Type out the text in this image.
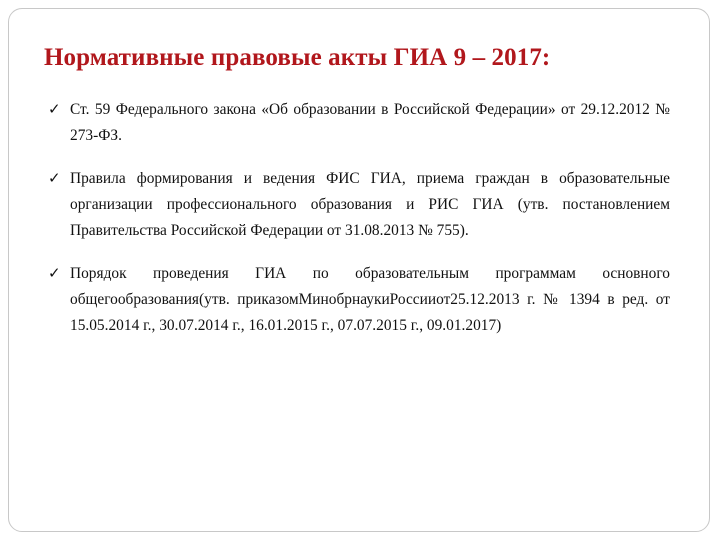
Нормативные правовые акты ГИА 9 – 2017:
✓ Ст. 59 Федерального закона «Об образовании в Российской Федерации» от 29.12.2012 № 273-ФЗ.
✓ Правила формирования и ведения ФИС ГИА, приема граждан в образовательные организации профессионального образования и РИС ГИА (утв. постановлением Правительства Российской Федерации от 31.08.2013 № 755).
✓ Порядок проведения ГИА по образовательным программам основного общегообразования(утв. приказомМинобрнаукиРоссииот25.12.2013 г. № 1394 в ред. от 15.05.2014 г., 30.07.2014 г., 16.01.2015 г., 07.07.2015 г., 09.01.2017)
